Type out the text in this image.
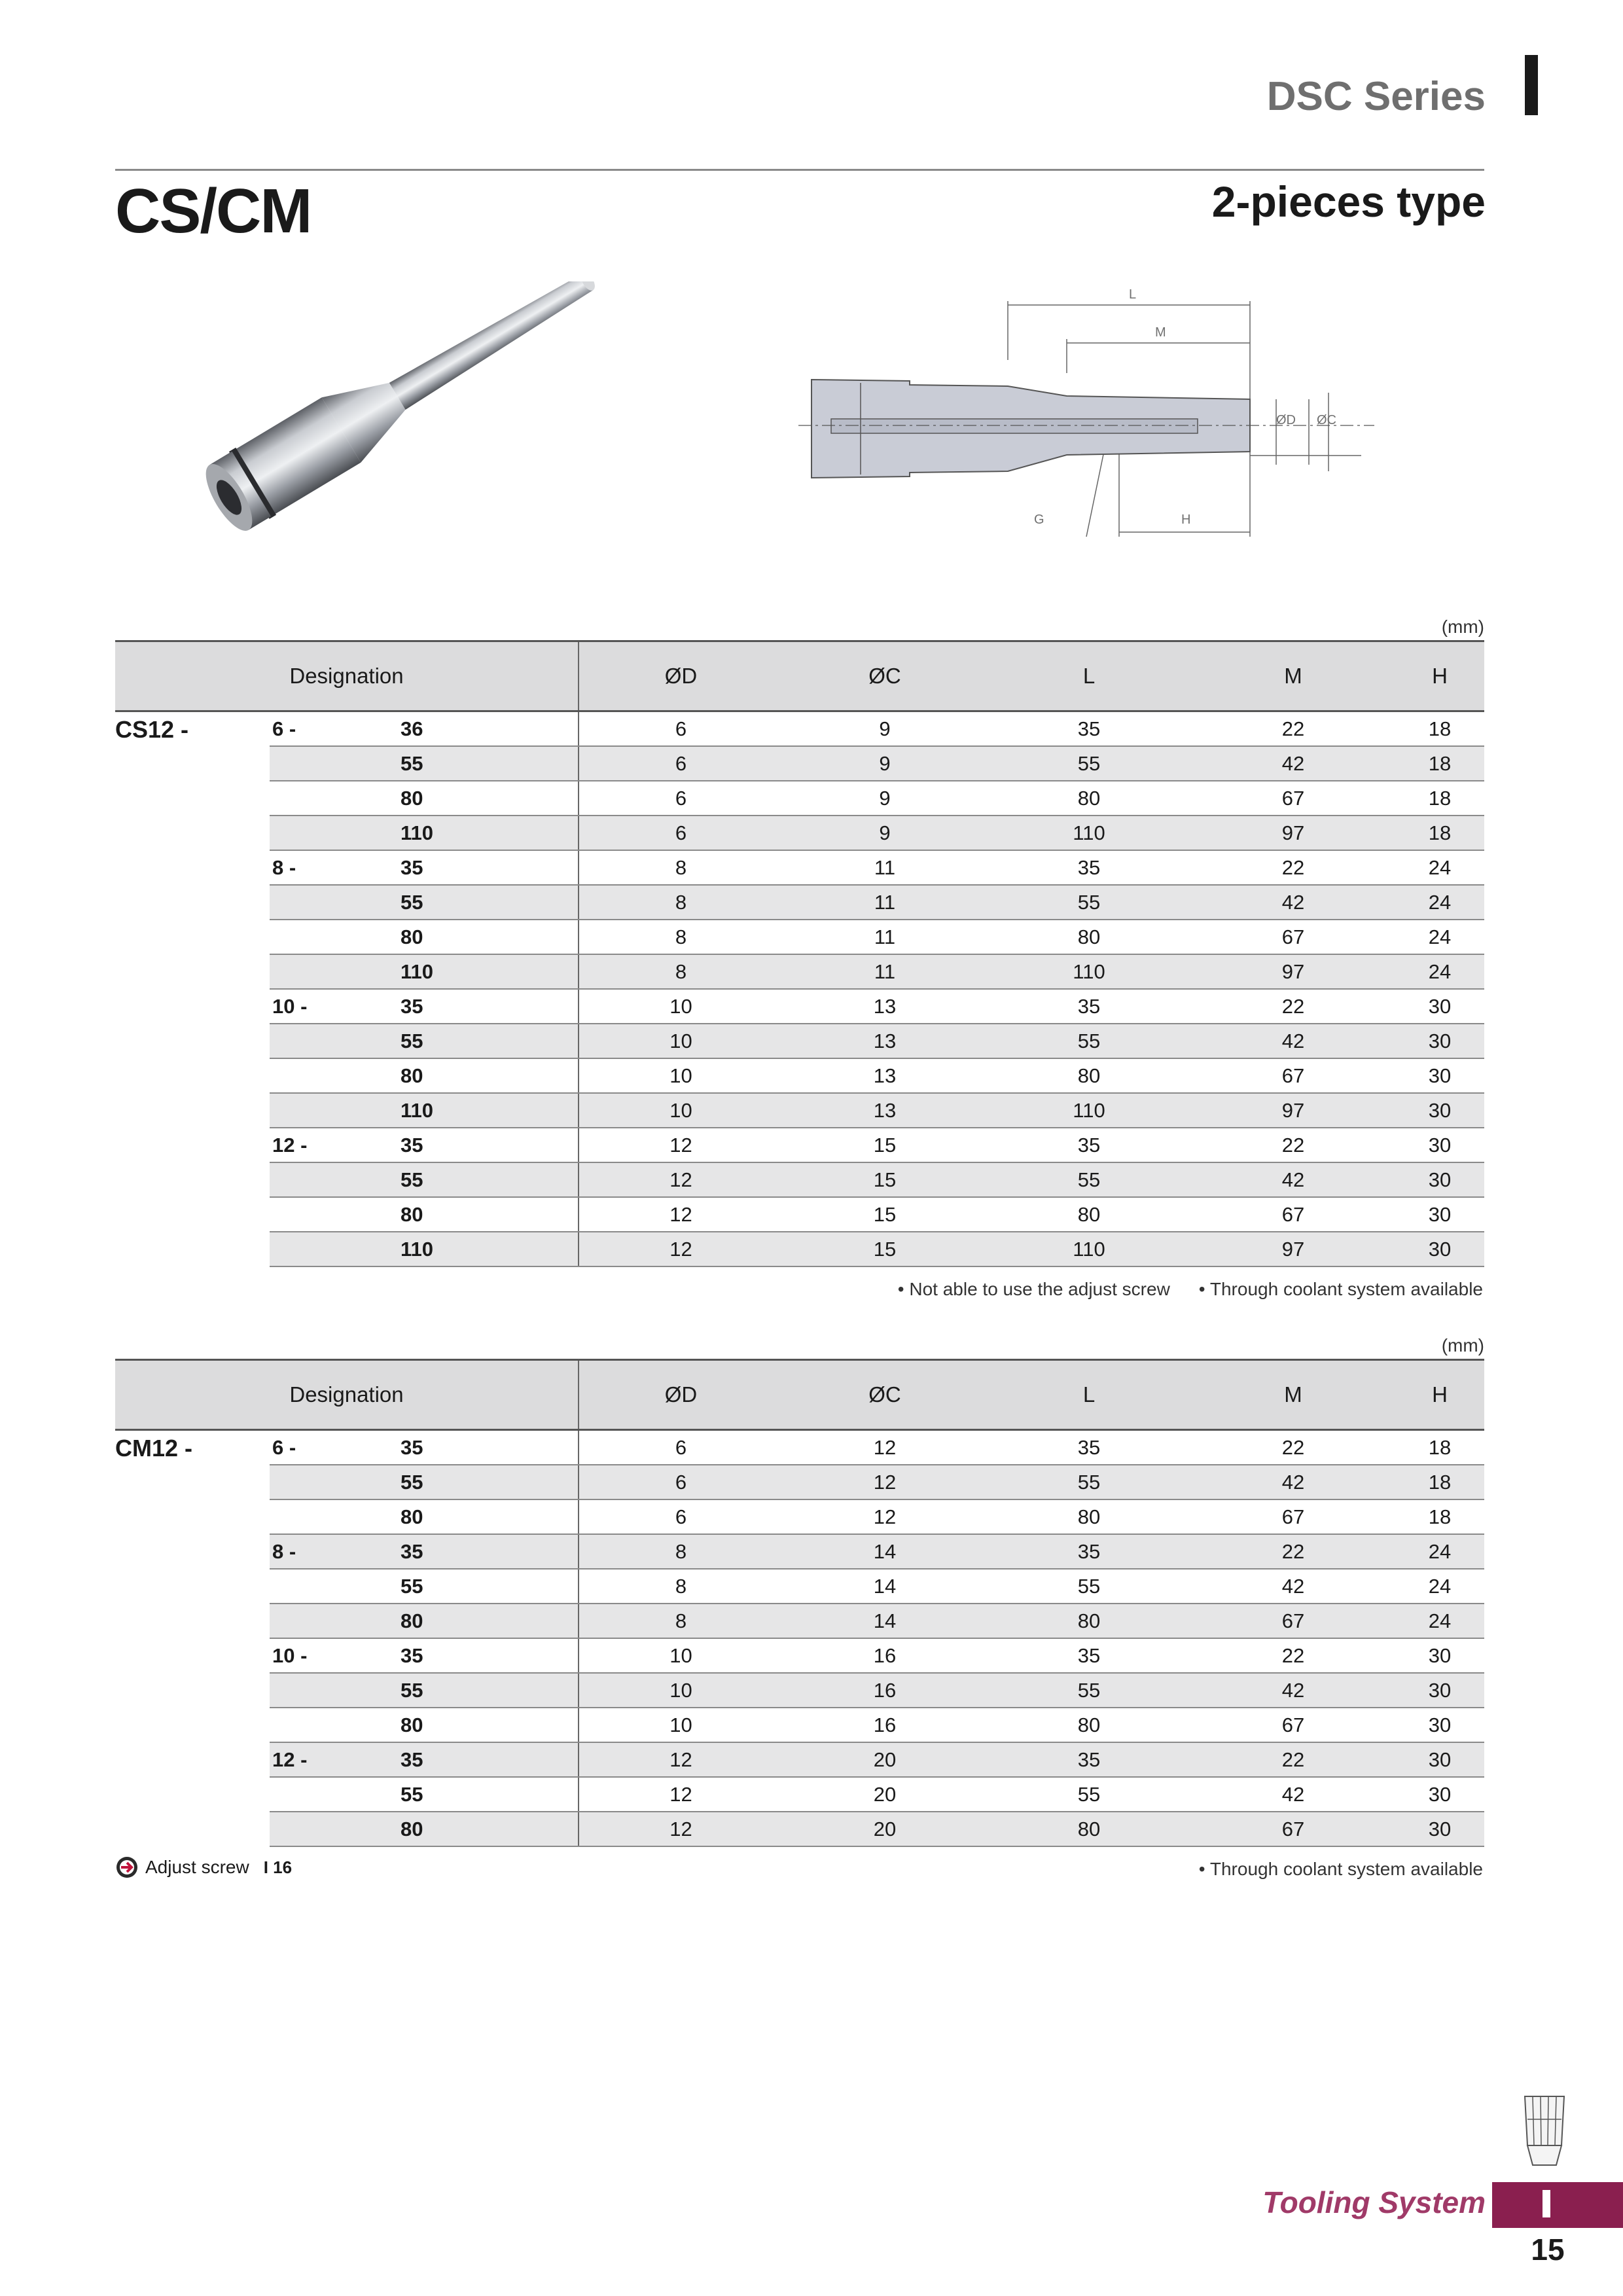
DSC Series
CS/CM	2-pieces type
L
M
ØD ØC
G	H
(mm)
Designation			ØD	ØC	L	M	H
CS12 -	6 -	36	6	9	35	22	18	
		55	6	9	55	42	18	
		80	6	9	80	67	18	
		110	6	9	110	97	18	
	8 -	35	8	11	35	22	24	
		55	8	11	55	42	24	
		80	8	11	80	67	24	
		110	8	11	110	97	24	
	10 -	35	10	13	35	22	30	
		55	10	13	55	42	30	
		80	10	13	80	67	30	
		110	10	13	110	97	30	
	12 -	35	12	15	35	22	30	
		55	12	15	55	42	30	
		80	12	15	80	67	30	
		110	12	15	110	97	30	
• Not able to use the adjust screw • Through coolant system available
(mm)
Designation			ØD	ØC	L	M	H
CM12 -	6 -	35	6	12	35	22	18	
		55	6	12	55	42	18	
		80	6	12	80	67	18	
	8 -	35	8	14	35	22	24	
		55	8	14	55	42	24	
		80	8	14	80	67	24	
	10 -	35	10	16	35	22	30	
		55	10	16	55	42	30	
		80	10	16	80	67	30	
	12 -	35	12	20	35	22	30	
		55	12	20	55	42	30	
		80	12	20	80	67	30	
• Through coolant system available
Adjust screw I 16
Tooling System
15
